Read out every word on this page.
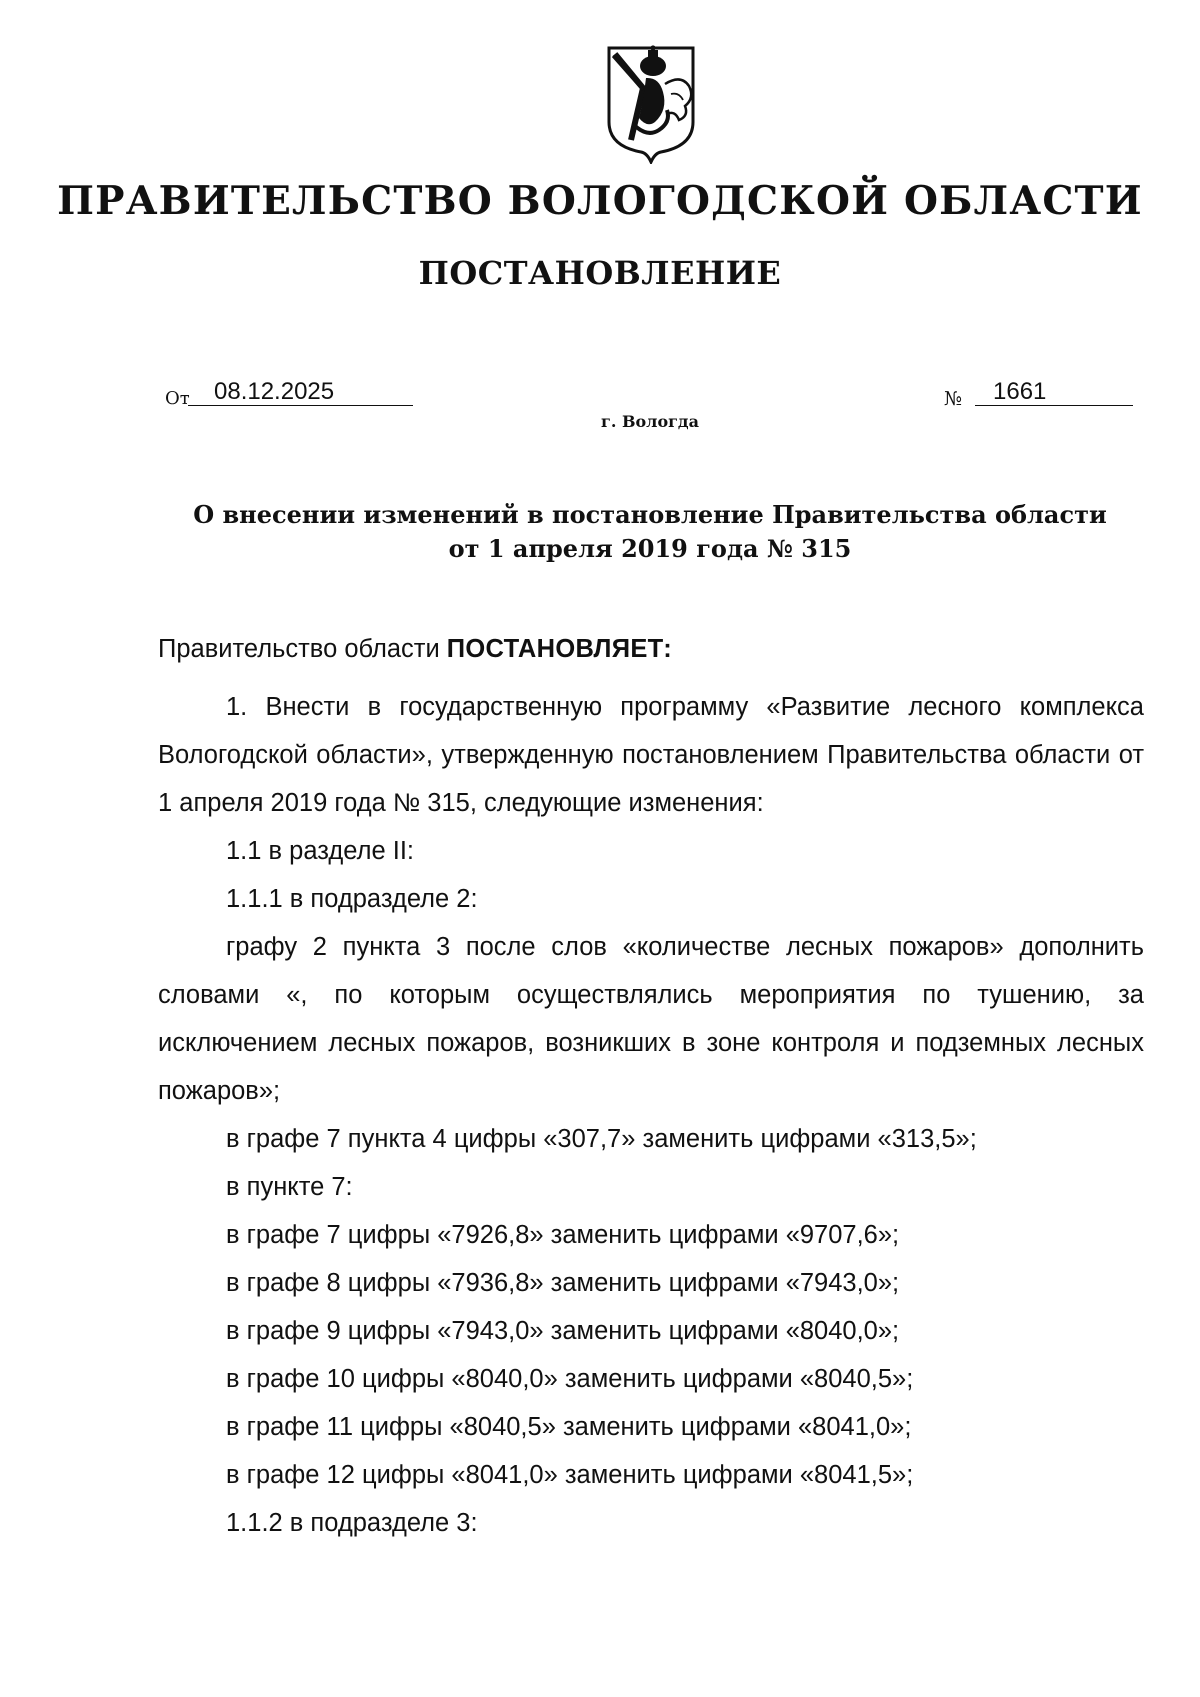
ПРАВИТЕЛЬСТВО ВОЛОГОДСКОЙ ОБЛАСТИ
ПОСТАНОВЛЕНИЕ
От 08.12.2025	№ 1661
г. Вологда
О внесении изменений в постановление Правительства области
от 1 апреля 2019 года № 315

Правительство области ПОСТАНОВЛЯЕТ:

1. Внести в государственную программу «Развитие лесного комплекса Вологодской области», утвержденную постановлением Правительства области от 1 апреля 2019 года № 315, следующие изменения:

1.1 в разделе II:

1.1.1 в подразделе 2:

графу 2 пункта 3 после слов «количестве лесных пожаров» дополнить словами «, по которым осуществлялись мероприятия по тушению, за исключением лесных пожаров, возникших в зоне контроля и подземных лесных пожаров»;

в графе 7 пункта 4 цифры «307,7» заменить цифрами «313,5»;

в пункте 7:

в графе 7 цифры «7926,8» заменить цифрами «9707,6»;

в графе 8 цифры «7936,8» заменить цифрами «7943,0»;

в графе 9 цифры «7943,0» заменить цифрами «8040,0»;

в графе 10 цифры «8040,0» заменить цифрами «8040,5»;

в графе 11 цифры «8040,5» заменить цифрами «8041,0»;

в графе 12 цифры «8041,0» заменить цифрами «8041,5»;

1.1.2 в подразделе 3:
